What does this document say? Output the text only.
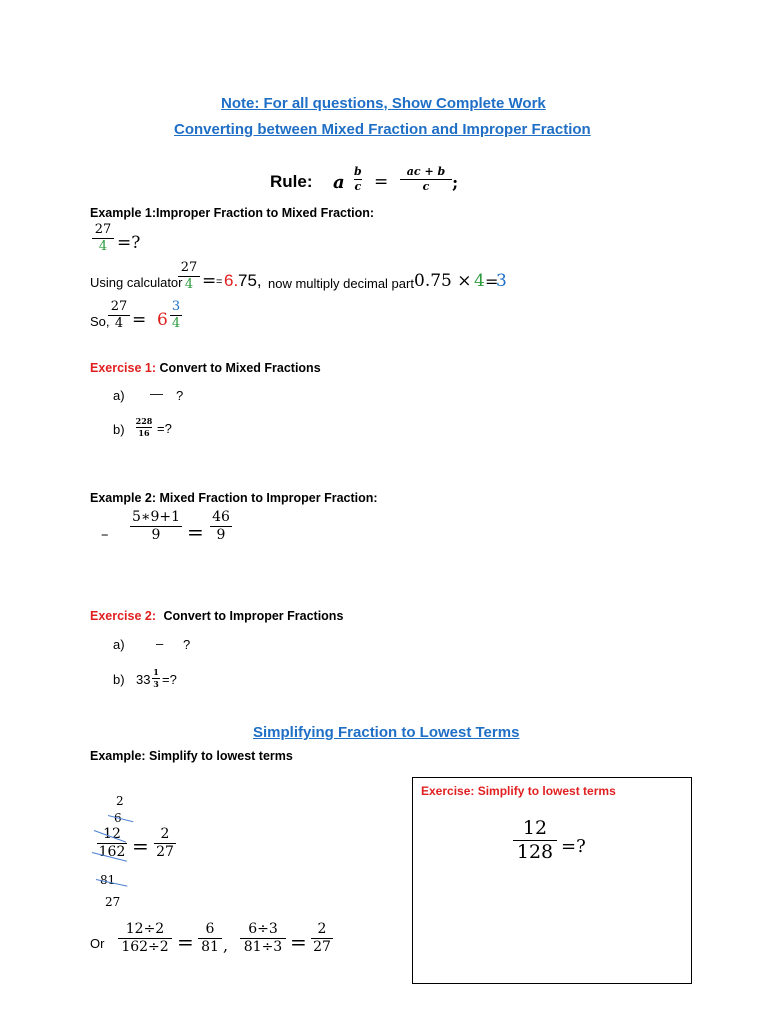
Note: For all questions, Show Complete Work
Converting between Mixed Fraction and Improper Fraction
Rule: a
b
c =
ac + b
c ;
Example 1:Improper Fraction to Mixed Fraction:
27
4 =?
Using calculator
27
4 = = 6. 75, now multiply decimal part 0.75 × 4 =
3
So,
27
4 = 6
3
4
Exercise 1: Convert to Mixed Fractions
a) — ?
b)
228
16 =?
Example 2: Mixed Fraction to Improper Fraction:
–
5∗9+1
9 =
46
9
Exercise 2: Convert to Improper Fractions
a) – ?
b) 33 1
3 =?
Simplifying Fraction to Lowest Terms
Example: Simplify to lowest terms
2
6
12
162 = 2
27
81
27
Or
12÷2
162÷2 =
6
81 ,
6÷3
81÷3 =
2
27
Exercise: Simplify to lowest terms
12
128 =?
